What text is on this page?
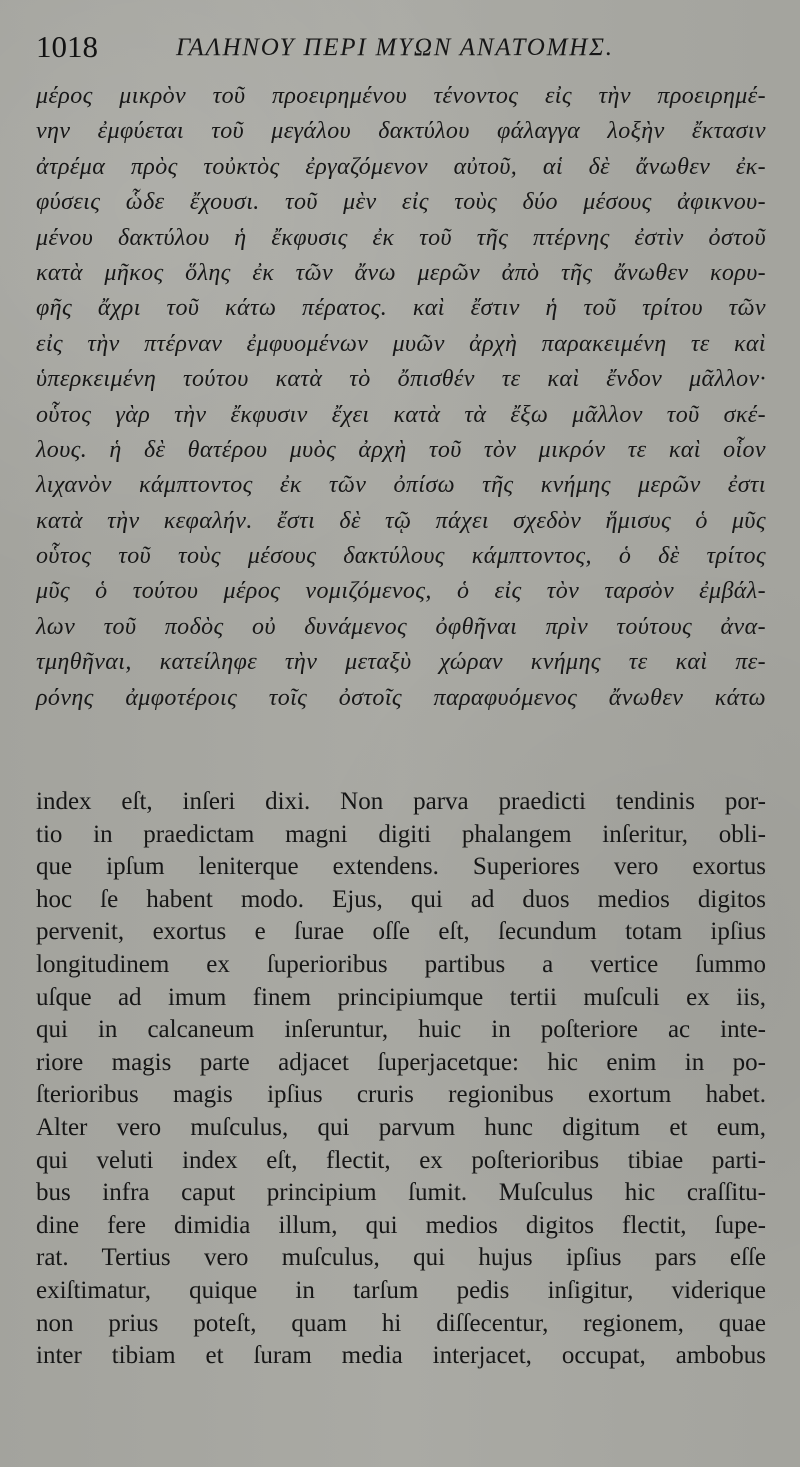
1018	ΓΑΛΗΝΟΥ ΠΕΡΙ ΜΥΩΝ ΑΝΑΤΟΜΗΣ.
μέρος μικρὸν τοῦ προειρημένου τένοντος εἰς τὴν προειρημέ-
νην ἐμφύεται τοῦ μεγάλου δακτύλου φάλαγγα λοξὴν ἔκτασιν
ἀτρέμα πρὸς τοὐκτὸς ἐργαζόμενον αὐτοῦ, αἱ δὲ ἄνωθεν ἐκ-
φύσεις ὧδε ἔχουσι. τοῦ μὲν εἰς τοὺς δύο μέσους ἀφικνου-
μένου δακτύλου ἡ ἔκφυσις ἐκ τοῦ τῆς πτέρνης ἐστὶν ὀστοῦ
κατὰ μῆκος ὅλης ἐκ τῶν ἄνω μερῶν ἀπὸ τῆς ἄνωθεν κορυ-
φῆς ἄχρι τοῦ κάτω πέρατος. καὶ ἔστιν ἡ τοῦ τρίτου τῶν
εἰς τὴν πτέρναν ἐμφυομένων μυῶν ἀρχὴ παρακειμένη τε καὶ
ὑπερκειμένη τούτου κατὰ τὸ ὄπισθέν τε καὶ ἔνδον μᾶλλον·
οὗτος γὰρ τὴν ἔκφυσιν ἔχει κατὰ τὰ ἔξω μᾶλλον τοῦ σκέ-
λους. ἡ δὲ θατέρου μυὸς ἀρχὴ τοῦ τὸν μικρόν τε καὶ οἷον
λιχανὸν κάμπτοντος ἐκ τῶν ὀπίσω τῆς κνήμης μερῶν ἐστι
κατὰ τὴν κεφαλήν. ἔστι δὲ τῷ πάχει σχεδὸν ἥμισυς ὁ μῦς
οὗτος τοῦ τοὺς μέσους δακτύλους κάμπτοντος, ὁ δὲ τρίτος
μῦς ὁ τούτου μέρος νομιζόμενος, ὁ εἰς τὸν ταρσὸν ἐμβάλ-
λων τοῦ ποδὸς οὐ δυνάμενος ὀφθῆναι πρὶν τούτους ἀνα-
τμηθῆναι, κατείληφε τὴν μεταξὺ χώραν κνήμης τε καὶ πε-
ρόνης ἀμφοτέροις τοῖς ὀστοῖς παραφυόμενος ἄνωθεν κάτω
index eſt, inſeri dixi. Non parva praedicti tendinis por-
tio in praedictam magni digiti phalangem inſeritur, obli-
que ipſum leniterque extendens. Superiores vero exortus
hoc ſe habent modo. Ejus, qui ad duos medios digitos
pervenit, exortus e ſurae oſſe eſt, ſecundum totam ipſius
longitudinem ex ſuperioribus partibus a vertice ſummo
uſque ad imum finem principiumque tertii muſculi ex iis,
qui in calcaneum inſeruntur, huic in poſteriore ac inte-
riore magis parte adjacet ſuperjacetque: hic enim in po-
ſterioribus magis ipſius cruris regionibus exortum habet.
Alter vero muſculus, qui parvum hunc digitum et eum,
qui veluti index eſt, flectit, ex poſterioribus tibiae parti-
bus infra caput principium ſumit. Muſculus hic craſſitu-
dine fere dimidia illum, qui medios digitos flectit, ſupe-
rat. Tertius vero muſculus, qui hujus ipſius pars eſſe
exiſtimatur, quique in tarſum pedis inſigitur, viderique
non prius poteſt, quam hi diſſecentur, regionem, quae
inter tibiam et ſuram media interjacet, occupat, ambobus
